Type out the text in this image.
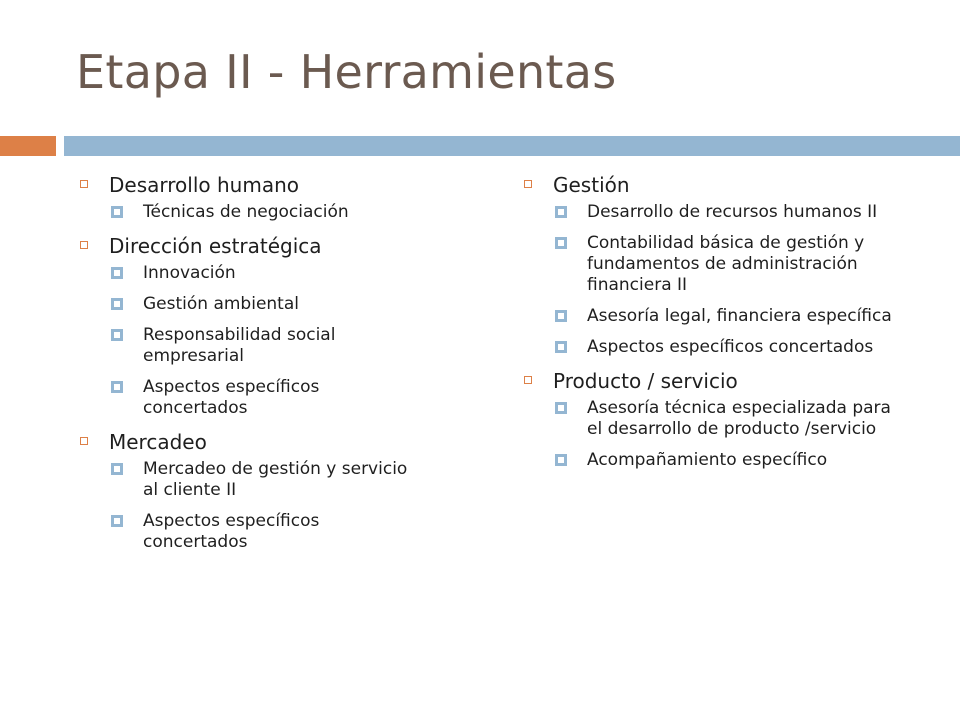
Etapa II - Herramientas
Desarrollo humano
Técnicas de negociación
Dirección estratégica
Innovación
Gestión ambiental
Responsabilidad social empresarial
Aspectos específicos concertados
Mercadeo
Mercadeo de gestión y servicio al cliente II
Aspectos específicos concertados
Gestión
Desarrollo de recursos humanos II
Contabilidad básica de gestión y fundamentos de administración financiera II
Asesoría legal, financiera específica
Aspectos específicos concertados
Producto / servicio
Asesoría técnica especializada para el desarrollo de producto /servicio
Acompañamiento específico
